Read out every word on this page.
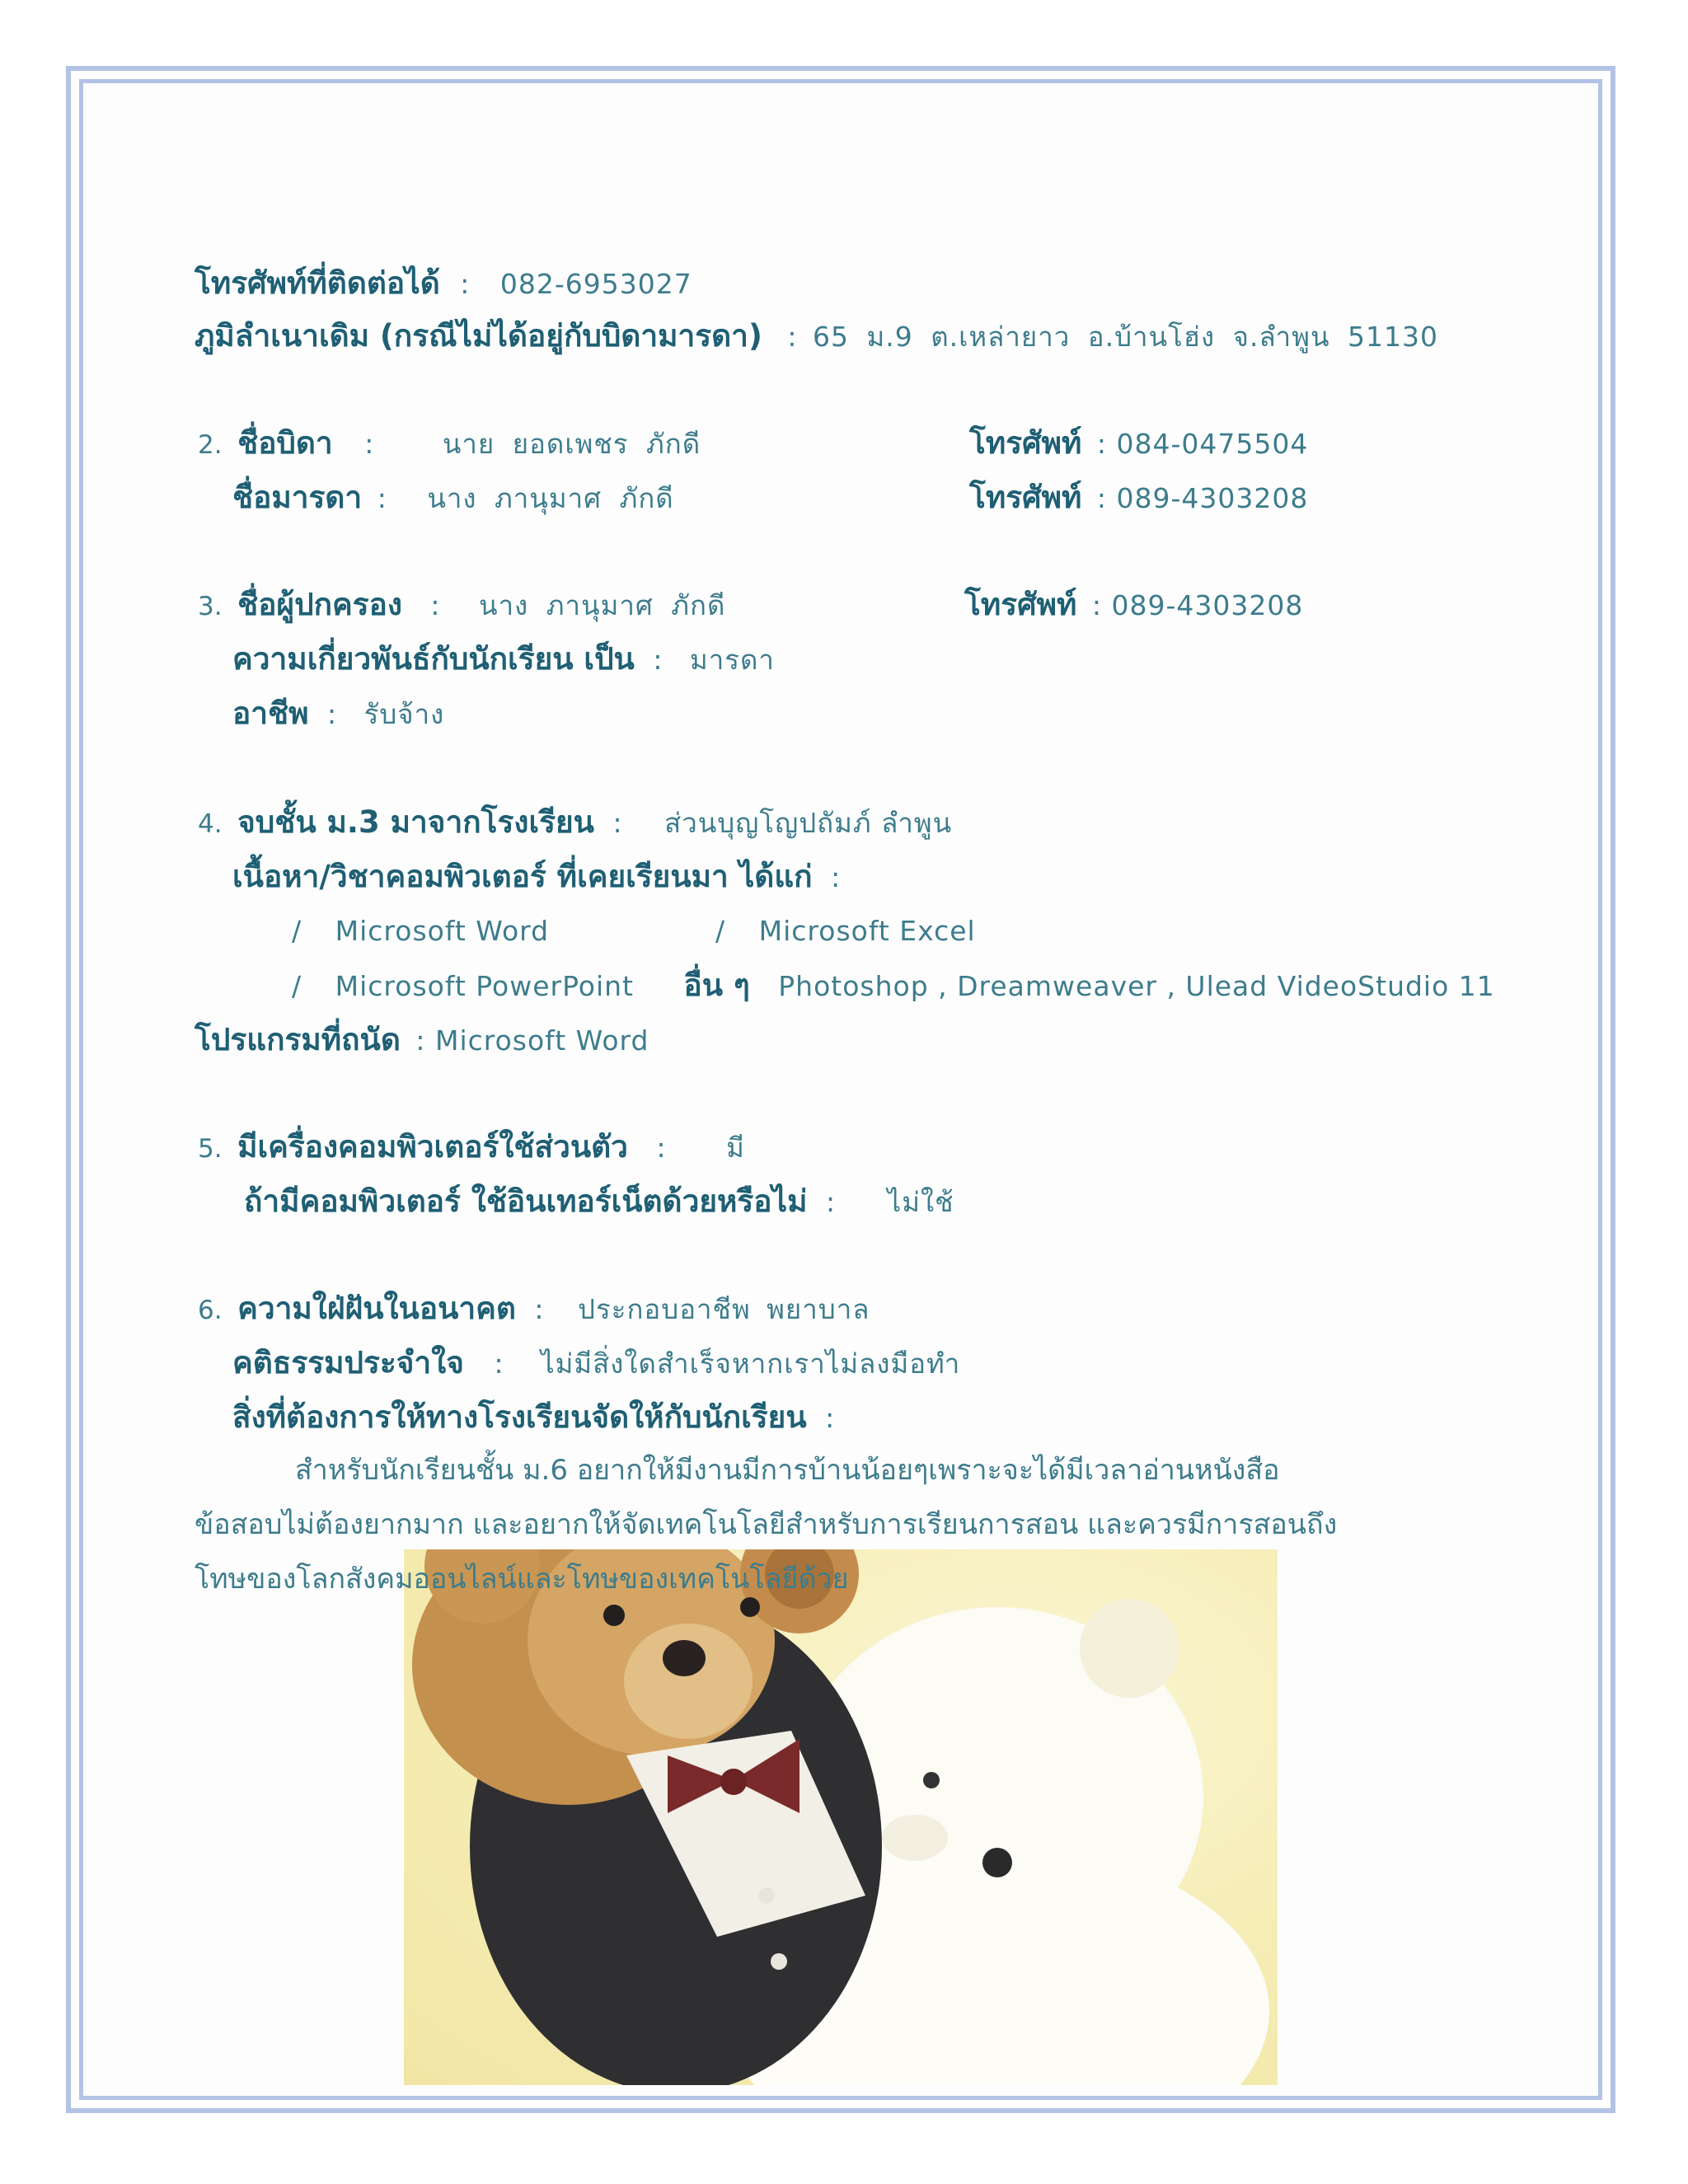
โทรศัพท์ที่ติดต่อได้ : 082-6953027
ภูมิลำเนาเดิม (กรณีไม่ได้อยู่กับบิดามารดา) : 65 ม.9 ต.เหล่ายาว อ.บ้านโฮ่ง จ.ลำพูน 51130
2. ชื่อบิดา :	นาย ยอดเพชร ภักดี	โทรศัพท์ : 084-0475504
ชื่อมารดา : นาง ภานุมาศ ภักดี	โทรศัพท์ : 089-4303208
3. ชื่อผู้ปกครอง : นาง ภานุมาศ ภักดี	โทรศัพท์ : 089-4303208
ความเกี่ยวพันธ์กับนักเรียน เป็น : มารดา
อาชีพ : รับจ้าง
4. จบชั้น ม.3 มาจากโรงเรียน : ส่วนบุญโญปถัมภ์ ลำพูน
เนื้อหา/วิชาคอมพิวเตอร์ ที่เคยเรียนมา ได้แก่ :
/ Microsoft Word	/ Microsoft Excel
/ Microsoft PowerPoint อื่น ๆ Photoshop , Dreamweaver , Ulead VideoStudio 11
โปรแกรมที่ถนัด : Microsoft Word
5. มีเครื่องคอมพิวเตอร์ใช้ส่วนตัว : มี
ถ้ามีคอมพิวเตอร์ ใช้อินเทอร์เน็ตด้วยหรือไม่ : ไม่ใช้
6. ความใฝ่ฝันในอนาคต : ประกอบอาชีพ พยาบาล
คติธรรมประจำใจ : ไม่มีสิ่งใดสำเร็จหากเราไม่ลงมือทำ
สิ่งที่ต้องการให้ทางโรงเรียนจัดให้กับนักเรียน :
สำหรับนักเรียนชั้น ม.6 อยากให้มีงานมีการบ้านน้อยๆเพราะจะได้มีเวลาอ่านหนังสือ
ข้อสอบไม่ต้องยากมาก และอยากให้จัดเทคโนโลยีสำหรับการเรียนการสอน และควรมีการสอนถึง
โทษของโลกสังคมออนไลน์และโทษของเทคโนโลยีด้วย
